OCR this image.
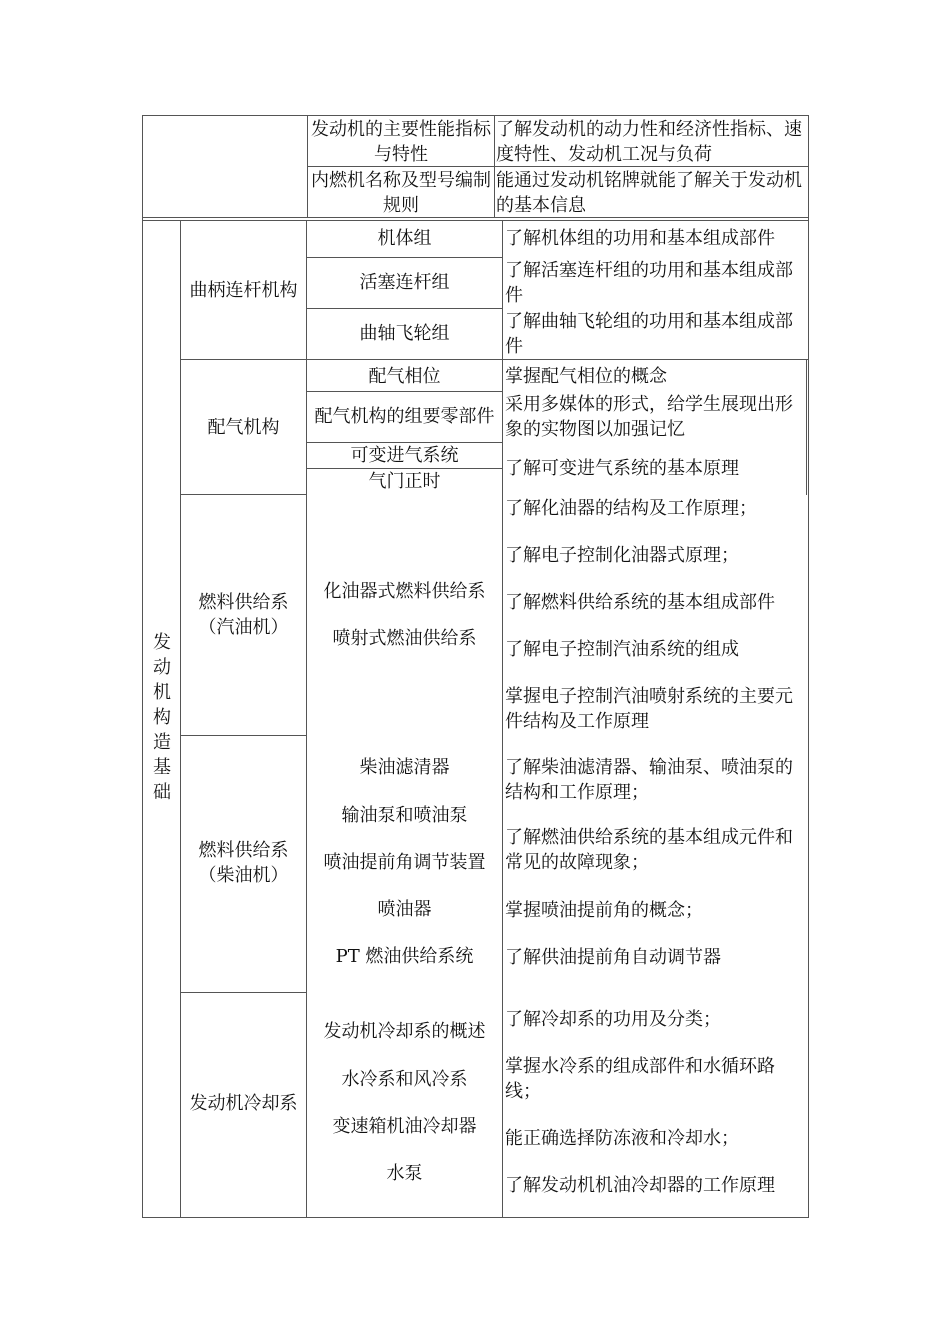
发动机的主要性能指标与特性
了解发动机的动力性和经济性指标、速度特性、发动机工况与负荷
内燃机名称及型号编制规则
能通过发动机铭牌就能了解关于发动机的基本信息
发动机构造基础
曲柄连杆机构
机体组
活塞连杆组
曲轴飞轮组
了解机体组的功用和基本组成部件
了解活塞连杆组的功用和基本组成部件
了解曲轴飞轮组的功用和基本组成部件
配气机构
配气相位
配气机构的组要零部件
可变进气系统
气门正时
掌握配气相位的概念
采用多媒体的形式，给学生展现出形象的实物图以加强记忆
了解可变进气系统的基本原理
燃料供给系
（汽油机）
化油器式燃料供给系
喷射式燃油供给系
了解化油器的结构及工作原理；
了解电子控制化油器式原理；
了解燃料供给系统的基本组成部件
了解电子控制汽油系统的组成
掌握电子控制汽油喷射系统的主要元件结构及工作原理
燃料供给系
（柴油机）
柴油滤清器
输油泵和喷油泵
喷油提前角调节装置
喷油器
PT 燃油供给系统
了解柴油滤清器、输油泵、喷油泵的结构和工作原理；
了解燃油供给系统的基本组成元件和常见的故障现象；
掌握喷油提前角的概念；
了解供油提前角自动调节器
发动机冷却系
发动机冷却系的概述
水冷系和风冷系
变速箱机油冷却器
水泵
了解冷却系的功用及分类；
掌握水冷系的组成部件和水循环路线；
能正确选择防冻液和冷却水；
了解发动机机油冷却器的工作原理
